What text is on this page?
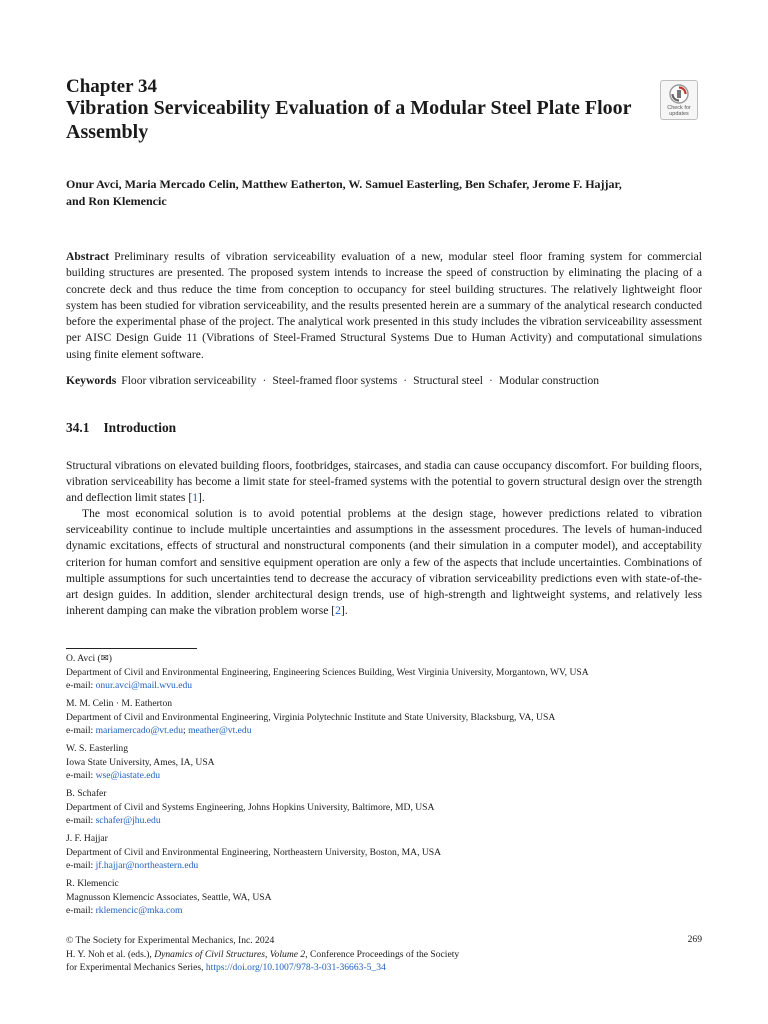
Chapter 34
Vibration Serviceability Evaluation of a Modular Steel Plate Floor Assembly
Check for
updates
Onur Avci, Maria Mercado Celin, Matthew Eatherton, W. Samuel Easterling, Ben Schafer, Jerome F. Hajjar,
and Ron Klemencic

Abstract Preliminary results of vibration serviceability evaluation of a new, modular steel floor framing system for commercial building structures are presented. The proposed system intends to increase the speed of construction by eliminating the placing of a concrete deck and thus reduce the time from conception to occupancy for steel building structures. The relatively lightweight floor system has been studied for vibration serviceability, and the results presented herein are a summary of the analytical research conducted before the experimental phase of the project. The analytical work presented in this study includes the vibration serviceability assessment per AISC Design Guide 11 (Vibrations of Steel-Framed Structural Systems Due to Human Activity) and computational simulations using finite element software.

Keywords Floor vibration serviceability · Steel-framed floor systems · Structural steel · Modular construction
34.1 Introduction

Structural vibrations on elevated building floors, footbridges, staircases, and stadia can cause occupancy discomfort. For building floors, vibration serviceability has become a limit state for steel-framed systems with the potential to govern structural design over the strength and deflection limit states [1].

The most economical solution is to avoid potential problems at the design stage, however predictions related to vibration serviceability continue to include multiple uncertainties and assumptions in the assessment procedures. The levels of human-induced dynamic excitations, effects of structural and nonstructural components (and their simulation in a computer model), and acceptability criterion for human comfort and sensitive equipment operation are only a few of the aspects that include uncertainties. Combinations of multiple assumptions for such uncertainties tend to decrease the accuracy of vibration serviceability predictions even with state-of-the-art design guides. In addition, slender architectural design trends, use of high-strength and lightweight systems, and relatively less inherent damping can make the vibration problem worse [2].

O. Avci (✉)
Department of Civil and Environmental Engineering, Engineering Sciences Building, West Virginia University, Morgantown, WV, USA
e-mail: onur.avci@mail.wvu.edu
M. M. Celin · M. Eatherton
Department of Civil and Environmental Engineering, Virginia Polytechnic Institute and State University, Blacksburg, VA, USA
e-mail: mariamercado@vt.edu; meather@vt.edu
W. S. Easterling
Iowa State University, Ames, IA, USA
e-mail: wse@iastate.edu
B. Schafer
Department of Civil and Systems Engineering, Johns Hopkins University, Baltimore, MD, USA
e-mail: schafer@jhu.edu
J. F. Hajjar
Department of Civil and Environmental Engineering, Northeastern University, Boston, MA, USA
e-mail: jf.hajjar@northeastern.edu
R. Klemencic
Magnusson Klemencic Associates, Seattle, WA, USA
e-mail: rklemencic@mka.com
© The Society for Experimental Mechanics, Inc. 2024
H. Y. Noh et al. (eds.), Dynamics of Civil Structures, Volume 2, Conference Proceedings of the Society
for Experimental Mechanics Series, https://doi.org/10.1007/978-3-031-36663-5_34
269
